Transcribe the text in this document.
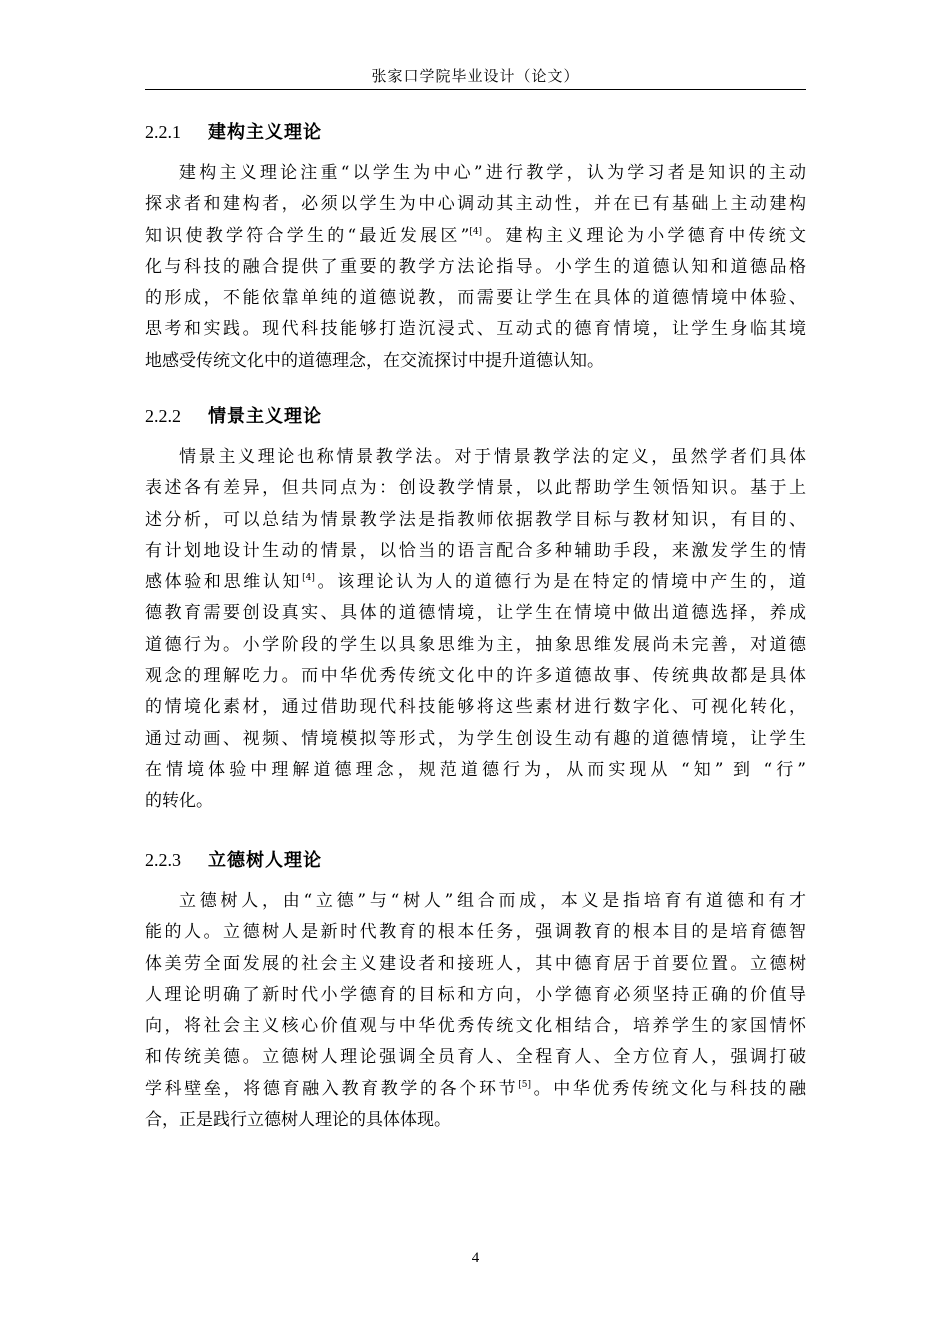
张家口学院毕业设计（论文）
2.2.1 建构主义理论
建构主义理论注重“以学生为中心”进行教学，认为学习者是知识的主动
探求者和建构者，必须以学生为中心调动其主动性，并在已有基础上主动建构
知识使教学符合学生的“最近发展区”[4]。建构主义理论为小学德育中传统文
化与科技的融合提供了重要的教学方法论指导。小学生的道德认知和道德品格
的形成，不能依靠单纯的道德说教，而需要让学生在具体的道德情境中体验、
思考和实践。现代科技能够打造沉浸式、互动式的德育情境，让学生身临其境
地感受传统文化中的道德理念，在交流探讨中提升道德认知。
2.2.2 情景主义理论
情景主义理论也称情景教学法。对于情景教学法的定义，虽然学者们具体
表述各有差异，但共同点为：创设教学情景，以此帮助学生领悟知识。基于上
述分析，可以总结为情景教学法是指教师依据教学目标与教材知识，有目的、
有计划地设计生动的情景，以恰当的语言配合多种辅助手段，来激发学生的情
感体验和思维认知[4]。该理论认为人的道德行为是在特定的情境中产生的，道
德教育需要创设真实、具体的道德情境，让学生在情境中做出道德选择，养成
道德行为。小学阶段的学生以具象思维为主，抽象思维发展尚未完善，对道德
观念的理解吃力。而中华优秀传统文化中的许多道德故事、传统典故都是具体
的情境化素材，通过借助现代科技能够将这些素材进行数字化、可视化转化，
通过动画、视频、情境模拟等形式，为学生创设生动有趣的道德情境，让学生
在情境体验中理解道德理念，规范道德行为，从而实现从 “知” 到 “行”
的转化。
2.2.3 立德树人理论
立德树人，由“立德”与“树人”组合而成，本义是指培育有道德和有才
能的人。立德树人是新时代教育的根本任务，强调教育的根本目的是培育德智
体美劳全面发展的社会主义建设者和接班人，其中德育居于首要位置。立德树
人理论明确了新时代小学德育的目标和方向，小学德育必须坚持正确的价值导
向，将社会主义核心价值观与中华优秀传统文化相结合，培养学生的家国情怀
和传统美德。立德树人理论强调全员育人、全程育人、全方位育人，强调打破
学科壁垒，将德育融入教育教学的各个环节[5]。中华优秀传统文化与科技的融
合，正是践行立德树人理论的具体体现。
4
